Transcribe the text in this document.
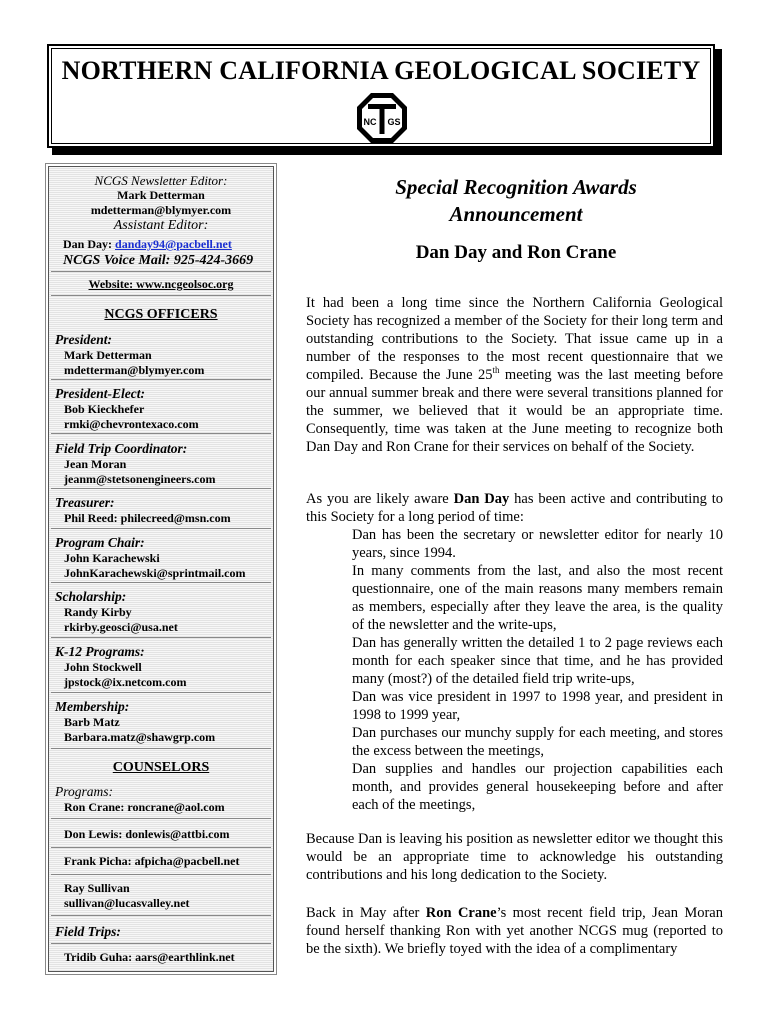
NORTHERN CALIFORNIA GEOLOGICAL SOCIETY
NC GS
NCGS Newsletter Editor:
Mark Detterman
mdetterman@blymyer.com
Assistant Editor:
Dan Day: danday94@pacbell.net
NCGS Voice Mail: 925-424-3669
Website: www.ncgeolsoc.org
NCGS OFFICERS
President:
Mark Detterman
mdetterman@blymyer.com
President-Elect:
Bob Kieckhefer
rmki@chevrontexaco.com
Field Trip Coordinator:
Jean Moran
jeanm@stetsonengineers.com
Treasurer:
Phil Reed: philecreed@msn.com
Program Chair:
John Karachewski
JohnKarachewski@sprintmail.com
Scholarship:
Randy Kirby
rkirby.geosci@usa.net
K-12 Programs:
John Stockwell
jpstock@ix.netcom.com
Membership:
Barb Matz
Barbara.matz@shawgrp.com
COUNSELORS
Programs:
Ron Crane: roncrane@aol.com
Don Lewis: donlewis@attbi.com
Frank Picha: afpicha@pacbell.net
Ray Sullivan
sullivan@lucasvalley.net
Field Trips:
Tridib Guha: aars@earthlink.net
Special Recognition Awards
Announcement
Dan Day and Ron Crane

It had been a long time since the Northern California Geological Society has recognized a member of the Society for their long term and outstanding contributions to the Society. That issue came up in a number of the responses to the most recent questionnaire that we compiled. Because the June 25th meeting was the last meeting before our annual summer break and there were several transitions planned for the summer, we believed that it would be an appropriate time. Consequently, time was taken at the June meeting to recognize both Dan Day and Ron Crane for their services on behalf of the Society.

As you are likely aware Dan Day has been active and contributing to this Society for a long period of time:

Dan has been the secretary or newsletter editor for nearly 10 years, since 1994.

In many comments from the last, and also the most recent questionnaire, one of the main reasons many members remain as members, especially after they leave the area, is the quality of the newsletter and the write-ups,

Dan has generally written the detailed 1 to 2 page reviews each month for each speaker since that time, and he has provided many (most?) of the detailed field trip write-ups,

Dan was vice president in 1997 to 1998 year, and president in 1998 to 1999 year,

Dan purchases our munchy supply for each meeting, and stores the excess between the meetings,

Dan supplies and handles our projection capabilities each month, and provides general housekeeping before and after each of the meetings,

Because Dan is leaving his position as newsletter editor we thought this would be an appropriate time to acknowledge his outstanding contributions and his long dedication to the Society.

Back in May after Ron Crane’s most recent field trip, Jean Moran found herself thanking Ron with yet another NCGS mug (reported to be the sixth). We briefly toyed with the idea of a complimentary
